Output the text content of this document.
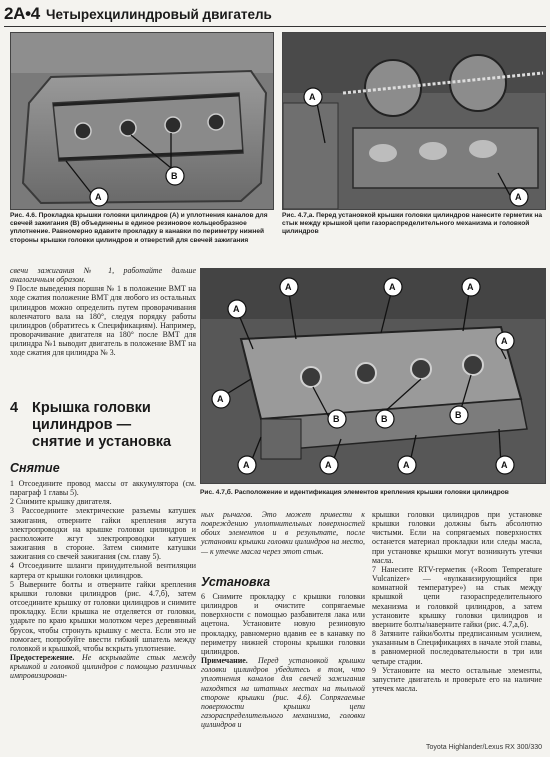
2A•4 Четырехцилиндровый двигатель
B
A
Рис. 4.6. Прокладка крышки головки цилиндров (А) и уплотнения каналов для свечей зажигания (В) объединены в единое резиновое кольцеобразное уплотнение. Равномерно вдавите прокладку в канавки по периметру нижней стороны крышки головки цилиндров и отверстий для свечей зажигания
A
A
Рис. 4.7,а. Перед установкой крышки головки цилиндров нанесите герметик на стык между крышкой цепи газораспределительного механизма и головкой цилиндров

свечи зажигания № 1, работайте дальше аналогичным образом.

9 После выведения поршня № 1 в положение ВМТ на ходе сжатия положение ВМТ для любого из остальных цилиндров можно определить путем проворачивания коленчатого вала на 180°, следуя порядку работы цилиндров (обратитесь к Спецификациям). Например, проворачивание двигателя на 180° после ВМТ для цилиндра №1 выводит двигатель в положение ВМТ на ходе сжатия для цилиндра № 3.

4 Крышка головки
цилиндров —
снятие и установка
Снятие

1 Отсоедините провод массы от аккумулятора (см. параграф 1 главы 5).

2 Снимите крышку двигателя.

3 Рассоедините электрические разъемы катушек зажигания, отверните гайки крепления жгута электропроводки на крышке головки цилиндров и расположите жгут электропроводки катушек зажигания в стороне. Затем снимите катушки зажигания со свечей зажигания (см. главу 5).

4 Отсоедините шланги принудительной вентиляции картера от крышки головки цилиндров.

5 Выверните болты и отверните гайки крепления крышки головки цилиндров (рис. 4.7,б), затем отсоедините крышку от головки цилиндров и снимите прокладку. Если крышка не отделяется от головки, ударьте по краю крышки молотком через деревянный брусок, чтобы стронуть крышку с места. Если это не помогает, попробуйте ввести гибкий шпатель между головкой и крышкой, чтобы вскрыть уплотнение.

Предостережение. Не вскрывайте стык между крышкой и головкой цилиндров с помощью различных импровизирован-

A
A	A	A
A
A
A	A	A	A
B	B	B
Рис. 4.7,б. Расположение и идентификация элементов крепления крышки головки цилиндров

ных рычагов. Это может привести к повреждению уплотнительных поверхностей обоих элементов и в результате, после установки крышки головки цилиндров на место, — к утечке масла через этот стык.

Установка

6 Снимите прокладку с крышки головки цилиндров и очистите сопрягаемые поверхности с помощью разбавителя лака или ацетона. Установите новую резиновую прокладку, равномерно вдавив ее в канавку по периметру нижней стороны крышки головки цилиндров.

Примечание. Перед установкой крышки головки цилиндров убедитесь в том, что уплотнения каналов для свечей зажигания находятся на штатных местах на тыльной стороне крышки (рис. 4.6). Сопрягаемые поверхности крышки цепи газораспределительного механизма, головки цилиндров и

крышки головки цилиндров при установке крышки головки должны быть абсолютно чистыми. Если на сопрягаемых поверхностях останется материал прокладки или следы масла, при установке крышки могут возникнуть утечки масла.

7 Нанесите RTV-герметик («Room Temperature Vulcanizer» — «вулканизирующийся при комнатной температуре») на стык между крышкой цепи газораспределительного механизма и головкой цилиндров, а затем установите крышку головки цилиндров и вверните болты/наверните гайки (рис. 4.7,а,б).

8 Затяните гайки/болты предписанным усилием, указанным в Спецификациях в начале этой главы, в равномерной последовательности в три или четыре стадии.

9 Установите на место остальные элементы, запустите двигатель и проверьте его на наличие утечек масла.

Toyota Highlander/Lexus RX 300/330
